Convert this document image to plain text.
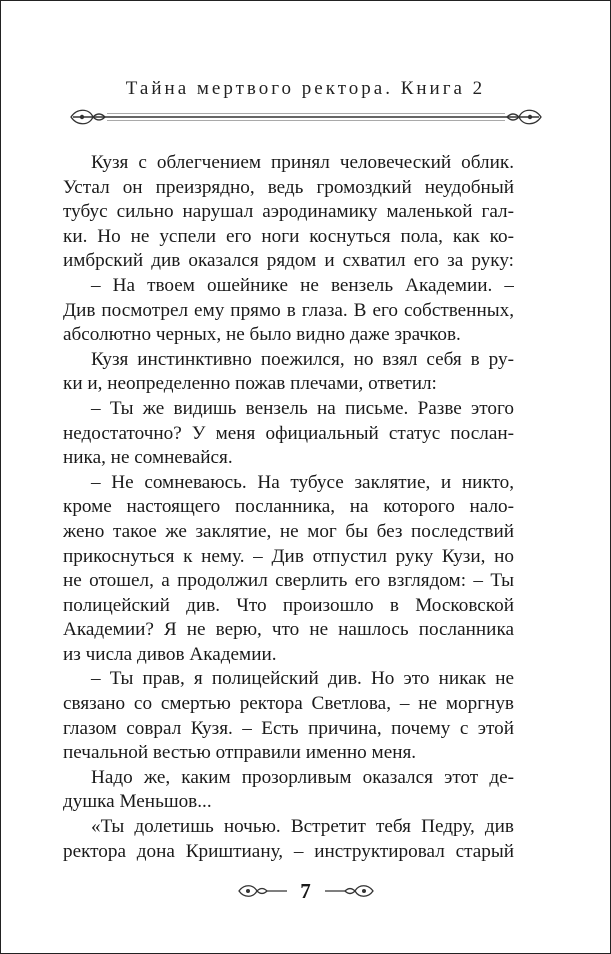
Тайна мертвого ректора. Книга 2

Кузя с облегчением принял человеческий облик.
Устал он преизрядно, ведь громоздкий неудобный
тубус сильно нарушал аэродинамику маленькой гал-
ки. Но не успели его ноги коснуться пола, как ко-
имбрский див оказался рядом и схватил его за руку:

– На твоем ошейнике не вензель Академии. –
Див посмотрел ему прямо в глаза. В его собственных,
абсолютно черных, не было видно даже зрачков.

Кузя инстинктивно поежился, но взял себя в ру-
ки и, неопределенно пожав плечами, ответил:

– Ты же видишь вензель на письме. Разве этого
недостаточно? У меня официальный статус послан-
ника, не сомневайся.

– Не сомневаюсь. На тубусе заклятие, и никто,
кроме настоящего посланника, на которого нало-
жено такое же заклятие, не мог бы без последствий
прикоснуться к нему. – Див отпустил руку Кузи, но
не отошел, а продолжил сверлить его взглядом: – Ты
полицейский див. Что произошло в Московской
Академии? Я не верю, что не нашлось посланника
из числа дивов Академии.

– Ты прав, я полицейский див. Но это никак не
связано со смертью ректора Светлова, – не моргнув
глазом соврал Кузя. – Есть причина, почему с этой
печальной вестью отправили именно меня.

Надо же, каким прозорливым оказался этот де-
душка Меньшов...

«Ты долетишь ночью. Встретит тебя Педру, див
ректора дона Криштиану, – инструктировал старый

7
